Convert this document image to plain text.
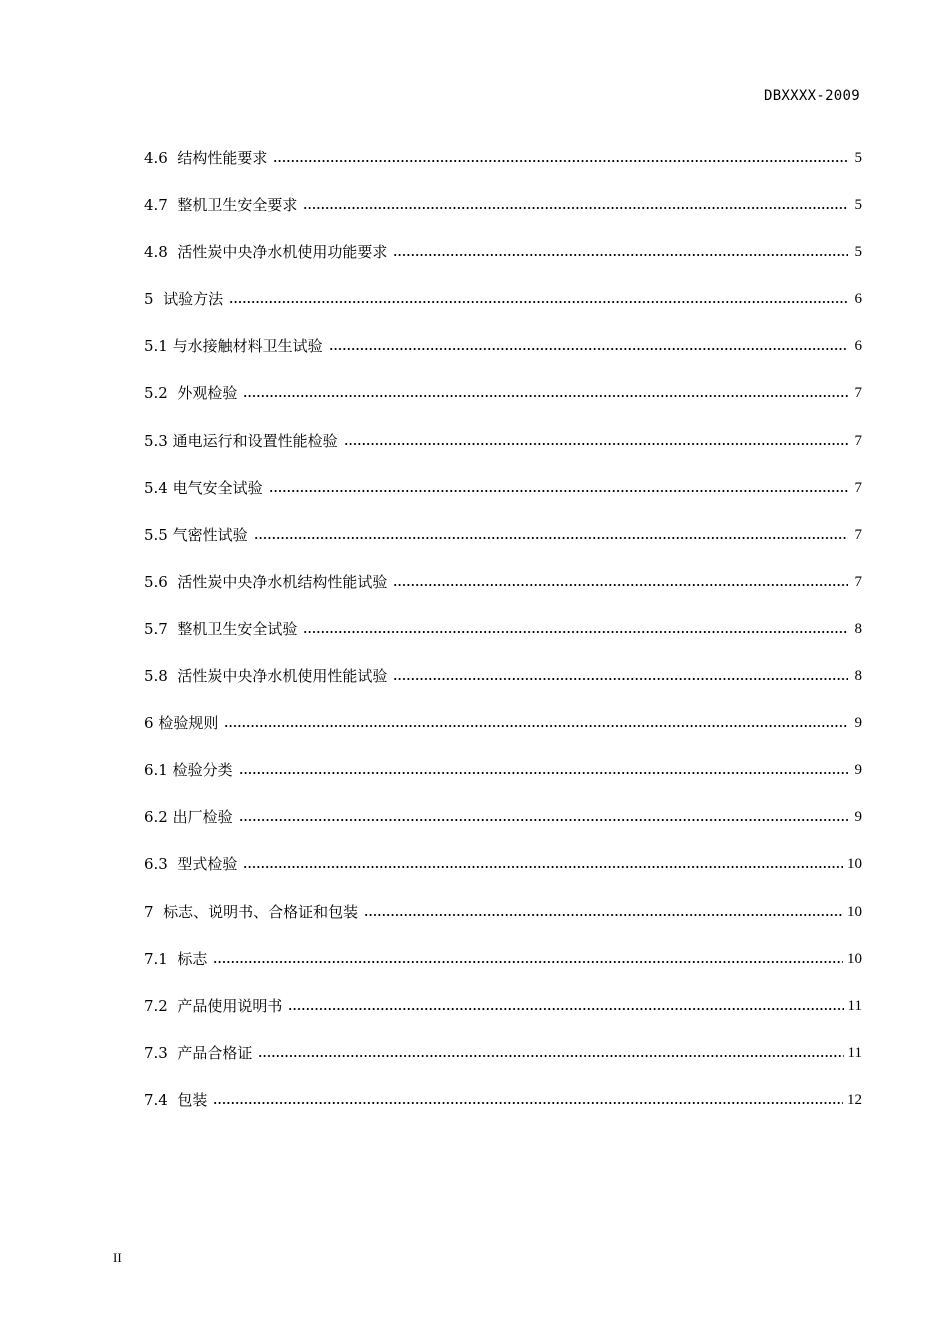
DBXXXX-2009
4.6 结构性能要求	5
4.7 整机卫生安全要求	5
4.8 活性炭中央净水机使用功能要求	5
5 试验方法	6
5.1 与水接触材料卫生试验	6
5.2 外观检验	7
5.3 通电运行和设置性能检验	7
5.4 电气安全试验	7
5.5 气密性试验	7
5.6 活性炭中央净水机结构性能试验	7
5.7 整机卫生安全试验	8
5.8 活性炭中央净水机使用性能试验	8
6 检验规则	9
6.1 检验分类	9
6.2 出厂检验	9
6.3 型式检验	10
7 标志、说明书、合格证和包装	10
7.1 标志	10
7.2 产品使用说明书	11
7.3 产品合格证	11
7.4 包装	12
II
